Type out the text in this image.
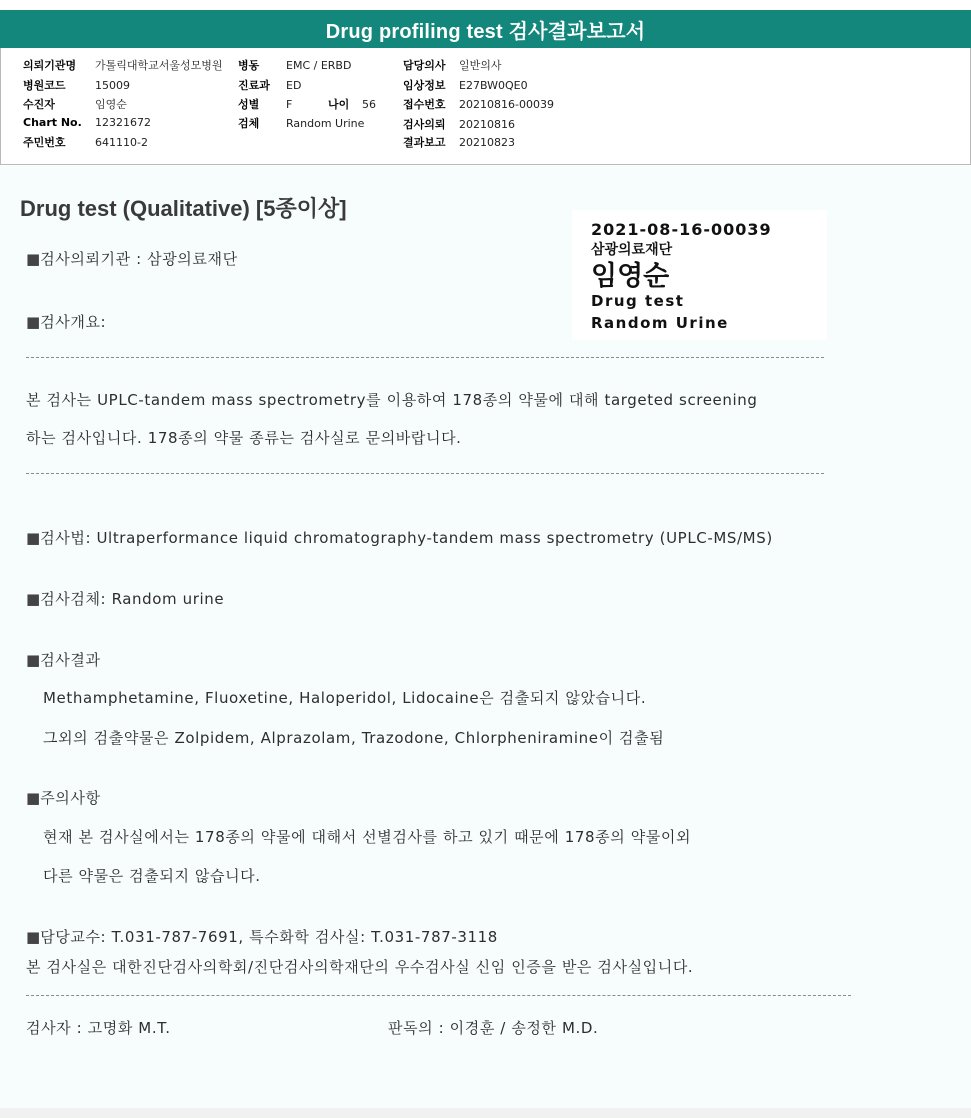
Drug profiling test 검사결과보고서
의뢰기관명 가톨릭대학교서울성모병원
병원코드	15009
수진자	임영순
Chart No. 12321672
주민번호	641110-2
병동 EMC / ERBD
진료과 ED
성별 F	나이 56
검체 Random Urine
담당의사 일반의사
임상정보 E27BW0QE0
접수번호 20210816-00039
검사의뢰 20210816
결과보고 20210823
Drug test (Qualitative) [5종이상]
2021-08-16-00039
삼광의료재단
임영순
Drug test
Random Urine
■검사의뢰기관 : 삼광의료재단
■검사개요:
본 검사는 UPLC-tandem mass spectrometry를 이용하여 178종의 약물에 대해 targeted screening
하는 검사입니다. 178종의 약물 종류는 검사실로 문의바랍니다.
■검사법: Ultraperformance liquid chromatography-tandem mass spectrometry (UPLC-MS/MS)
■검사검체: Random urine
■검사결과
Methamphetamine, Fluoxetine, Haloperidol, Lidocaine은 검출되지 않았습니다.
그외의 검출약물은 Zolpidem, Alprazolam, Trazodone, Chlorpheniramine이 검출됨
■주의사항
현재 본 검사실에서는 178종의 약물에 대해서 선별검사를 하고 있기 때문에 178종의 약물이외
다른 약물은 검출되지 않습니다.
■담당교수: T.031-787-7691, 특수화학 검사실: T.031-787-3118
본 검사실은 대한진단검사의학회/진단검사의학재단의 우수검사실 신임 인증을 받은 검사실입니다.
검사자 : 고명화 M.T.	판독의 : 이경훈 / 송정한 M.D.
